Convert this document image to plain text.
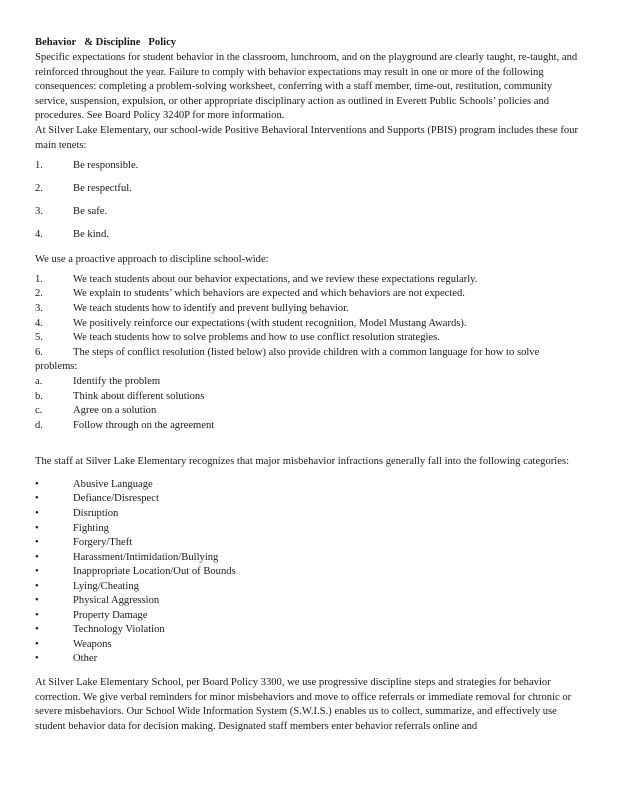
Behavior & Discipline Policy

Specific expectations for student behavior in the classroom, lunchroom, and on the playground are clearly taught, re-taught, and reinforced throughout the year. Failure to comply with behavior expectations may result in one or more of the following consequences: completing a problem-solving worksheet, conferring with a staff member, time-out, restitution, community service, suspension, expulsion, or other appropriate disciplinary action as outlined in Everett Public Schools’ policies and procedures. See Board Policy 3240P for more information.

At Silver Lake Elementary, our school-wide Positive Behavioral Interventions and Supports (PBIS) program includes these four main tenets:

1.	Be responsible.
2.	Be respectful.
3.	Be safe.
4.	Be kind.

We use a proactive approach to discipline school-wide:

1.	We teach students about our behavior expectations, and we review these expectations regularly.
2.	We explain to students’ which behaviors are expected and which behaviors are not expected.
3.	We teach students how to identify and prevent bullying behavior.
4.	We positively reinforce our expectations (with student recognition, Model Mustang Awards).
5.	We teach students how to solve problems and how to use conflict resolution strategies.
6.	The steps of conflict resolution (listed below) also provide children with a common language for how to solve
problems:
a.	Identify the problem
b.	Think about different solutions
c.	Agree on a solution
d.	Follow through on the agreement

The staff at Silver Lake Elementary recognizes that major misbehavior infractions generally fall into the following categories:

•	Abusive Language
•	Defiance/Disrespect
•	Disruption
•	Fighting
•	Forgery/Theft
•	Harassment/Intimidation/Bullying
•	Inappropriate Location/Out of Bounds
•	Lying/Cheating
•	Physical Aggression
•	Property Damage
•	Technology Violation
•	Weapons
•	Other

At Silver Lake Elementary School, per Board Policy 3300, we use progressive discipline steps and strategies for behavior correction. We give verbal reminders for minor misbehaviors and move to office referrals or immediate removal for chronic or severe misbehaviors. Our School Wide Information System (S.W.I.S.) enables us to collect, summarize, and effectively use student behavior data for decision making. Designated staff members enter behavior referrals online and
